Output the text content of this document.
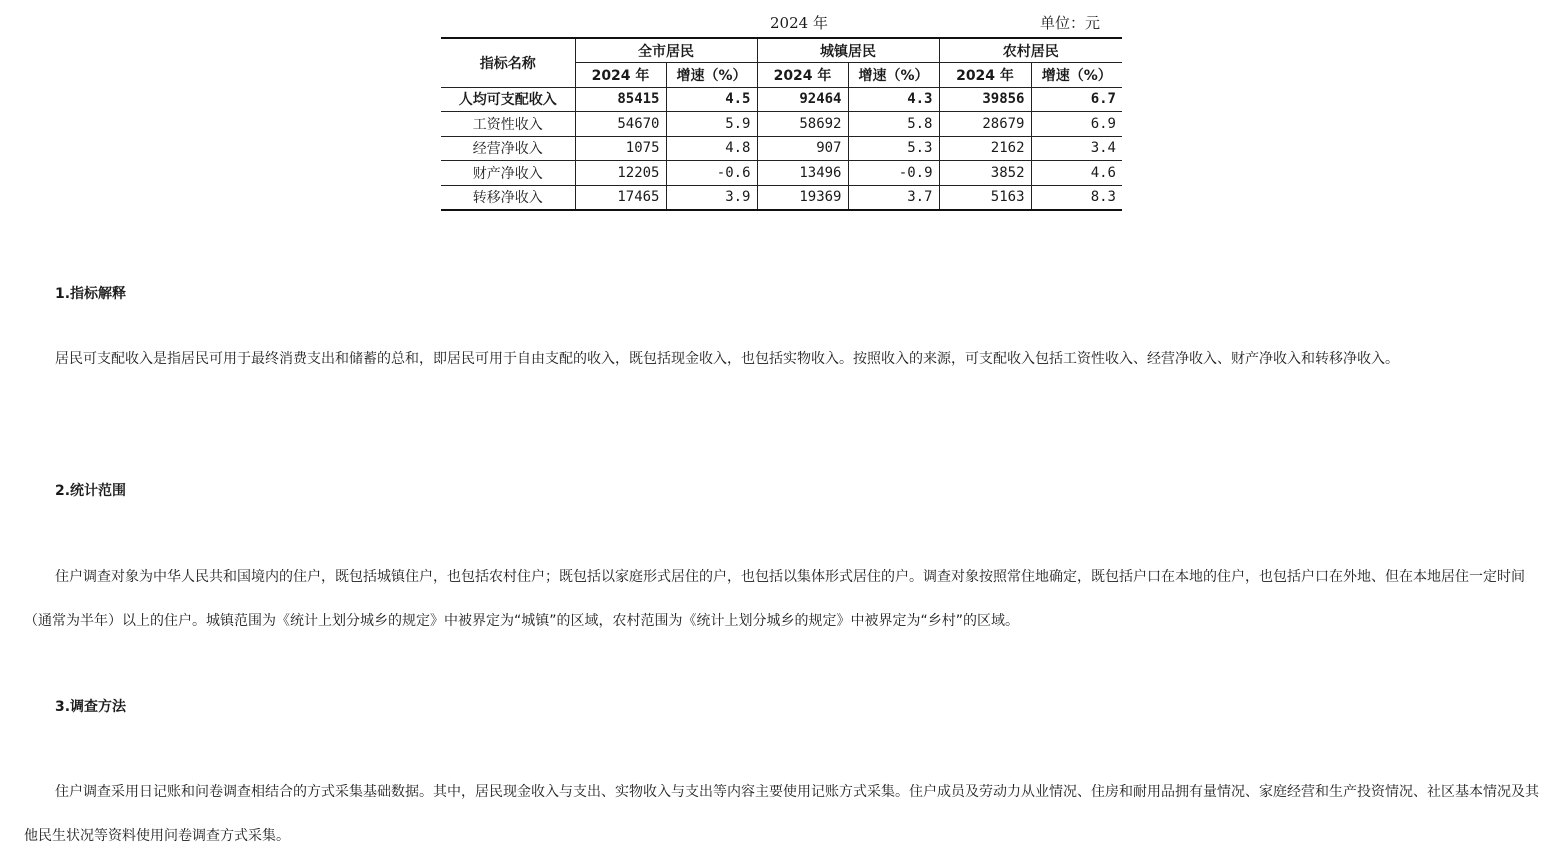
2024 年	单位：元
指标名称	全市居民		城镇居民		农村居民	
	2024 年	增速（%）	2024 年	增速（%）	2024 年	增速（%）
人均可支配收入	85415	4.5	92464	4.3	39856	6.7
工资性收入	54670	5.9	58692	5.8	28679	6.9
经营净收入	1075	4.8	907	5.3	2162	3.4
财产净收入	12205	-0.6	13496	-0.9	3852	4.6
转移净收入	17465	3.9	19369	3.7	5163	8.3
1.指标解释

居民可支配收入是指居民可用于最终消费支出和储蓄的总和，即居民可用于自由支配的收入，既包括现金收入，也包括实物收入。按照收入的来源，可支配收入包括工资性收入、经营净收入、财产净收入和转移净收入。

2.统计范围

住户调查对象为中华人民共和国境内的住户，既包括城镇住户，也包括农村住户；既包括以家庭形式居住的户，也包括以集体形式居住的户。调查对象按照常住地确定，既包括户口在本地的住户，也包括户口在外地、但在本地居住一定时间（通常为半年）以上的住户。城镇范围为《统计上划分城乡的规定》中被界定为“城镇”的区域，农村范围为《统计上划分城乡的规定》中被界定为“乡村”的区域。

3.调查方法

住户调查采用日记账和问卷调查相结合的方式采集基础数据。其中，居民现金收入与支出、实物收入与支出等内容主要使用记账方式采集。住户成员及劳动力从业情况、住房和耐用品拥有量情况、家庭经营和生产投资情况、社区基本情况及其他民生状况等资料使用问卷调查方式采集。
